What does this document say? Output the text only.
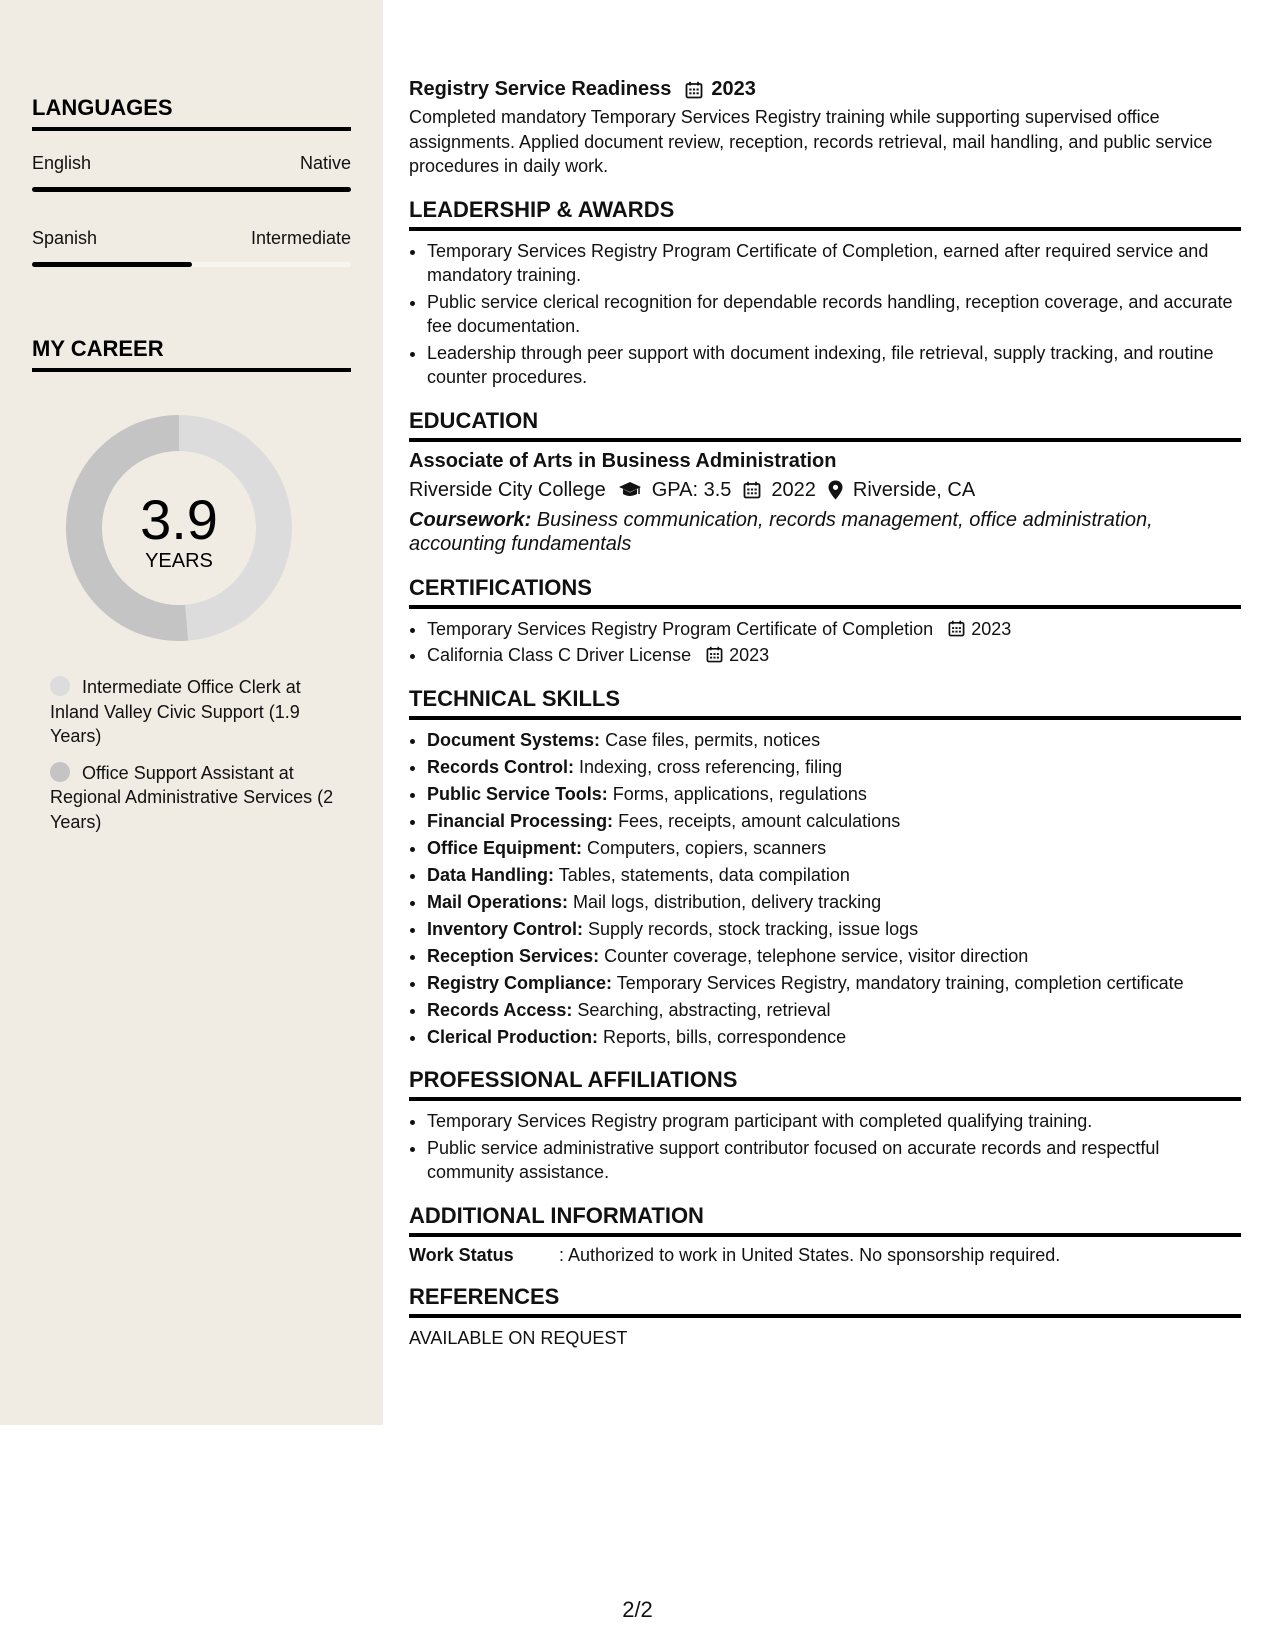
LANGUAGES
English	Native
Spanish	Intermediate
MY CAREER
3.9
YEARS
Intermediate Office Clerk at Inland Valley Civic Support (1.9 Years)
Office Support Assistant at Regional Administrative Services (2 Years)
Registry Service Readiness 2023
Completed mandatory Temporary Services Registry training while supporting supervised office assignments. Applied document review, reception, records retrieval, mail handling, and public service procedures in daily work.
LEADERSHIP & AWARDS
• Temporary Services Registry Program Certificate of Completion, earned after required service and mandatory training.
• Public service clerical recognition for dependable records handling, reception coverage, and accurate fee documentation.
• Leadership through peer support with document indexing, file retrieval, supply tracking, and routine counter procedures.
EDUCATION
Associate of Arts in Business Administration
Riverside City College GPA: 3.5 2022 Riverside, CA
Coursework: Business communication, records management, office administration, accounting fundamentals
CERTIFICATIONS
• Temporary Services Registry Program Certificate of Completion 2023
• California Class C Driver License 2023
TECHNICAL SKILLS
• Document Systems: Case files, permits, notices
• Records Control: Indexing, cross referencing, filing
• Public Service Tools: Forms, applications, regulations
• Financial Processing: Fees, receipts, amount calculations
• Office Equipment: Computers, copiers, scanners
• Data Handling: Tables, statements, data compilation
• Mail Operations: Mail logs, distribution, delivery tracking
• Inventory Control: Supply records, stock tracking, issue logs
• Reception Services: Counter coverage, telephone service, visitor direction
• Registry Compliance: Temporary Services Registry, mandatory training, completion certificate
• Records Access: Searching, abstracting, retrieval
• Clerical Production: Reports, bills, correspondence
PROFESSIONAL AFFILIATIONS
• Temporary Services Registry program participant with completed qualifying training.
• Public service administrative support contributor focused on accurate records and respectful community assistance.
ADDITIONAL INFORMATION
Work Status	: Authorized to work in United States. No sponsorship required.
REFERENCES
AVAILABLE ON REQUEST
2/2
